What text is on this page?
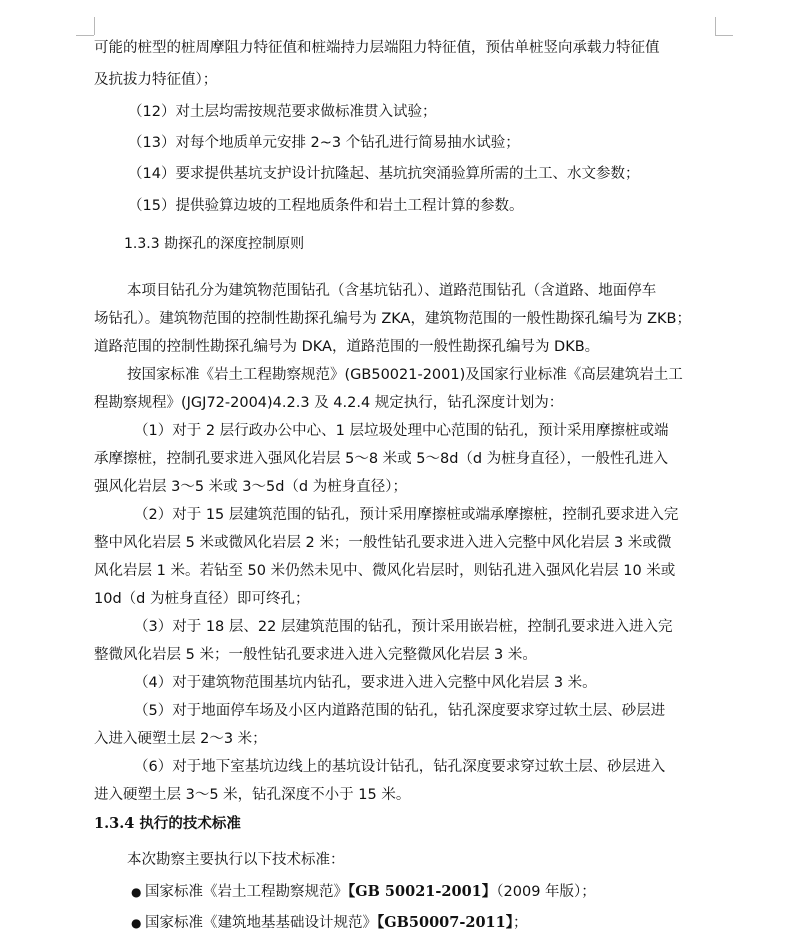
可能的桩型的桩周摩阻力特征值和桩端持力层端阻力特征值，预估单桩竖向承载力特征值
及抗拔力特征值）；
（12）对土层均需按规范要求做标准贯入试验；
（13）对每个地质单元安排 2~3 个钻孔进行简易抽水试验；
（14）要求提供基坑支护设计抗隆起、基坑抗突涌验算所需的土工、水文参数；
（15）提供验算边坡的工程地质条件和岩土工程计算的参数。
1.3.3 勘探孔的深度控制原则
本项目钻孔分为建筑物范围钻孔（含基坑钻孔）、道路范围钻孔（含道路、地面停车
场钻孔）。建筑物范围的控制性勘探孔编号为 ZKA，建筑物范围的一般性勘探孔编号为 ZKB；
道路范围的控制性勘探孔编号为 DKA，道路范围的一般性勘探孔编号为 DKB。
按国家标准《岩土工程勘察规范》(GB50021-2001)及国家行业标准《高层建筑岩土工
程勘察规程》(JGJ72-2004)4.2.3 及 4.2.4 规定执行，钻孔深度计划为：
（1）对于 2 层行政办公中心、1 层垃圾处理中心范围的钻孔，预计采用摩擦桩或端
承摩擦桩，控制孔要求进入强风化岩层 5～8 米或 5～8d（d 为桩身直径），一般性孔进入
强风化岩层 3～5 米或 3～5d（d 为桩身直径）；
（2）对于 15 层建筑范围的钻孔，预计采用摩擦桩或端承摩擦桩，控制孔要求进入完
整中风化岩层 5 米或微风化岩层 2 米；一般性钻孔要求进入进入完整中风化岩层 3 米或微
风化岩层 1 米。若钻至 50 米仍然未见中、微风化岩层时，则钻孔进入强风化岩层 10 米或
10d（d 为桩身直径）即可终孔；
（3）对于 18 层、22 层建筑范围的钻孔，预计采用嵌岩桩，控制孔要求进入进入完
整微风化岩层 5 米；一般性钻孔要求进入进入完整微风化岩层 3 米。
（4）对于建筑物范围基坑内钻孔，要求进入进入完整中风化岩层 3 米。
（5）对于地面停车场及小区内道路范围的钻孔，钻孔深度要求穿过软土层、砂层进
入进入硬塑土层 2～3 米；
（6）对于地下室基坑边线上的基坑设计钻孔，钻孔深度要求穿过软土层、砂层进入
进入硬塑土层 3～5 米，钻孔深度不小于 15 米。
1.3.4 执行的技术标准
本次勘察主要执行以下技术标准：
● 国家标准《岩土工程勘察规范》【GB 50021-2001】（2009 年版）；
● 国家标准《建筑地基基础设计规范》【GB50007-2011】；
